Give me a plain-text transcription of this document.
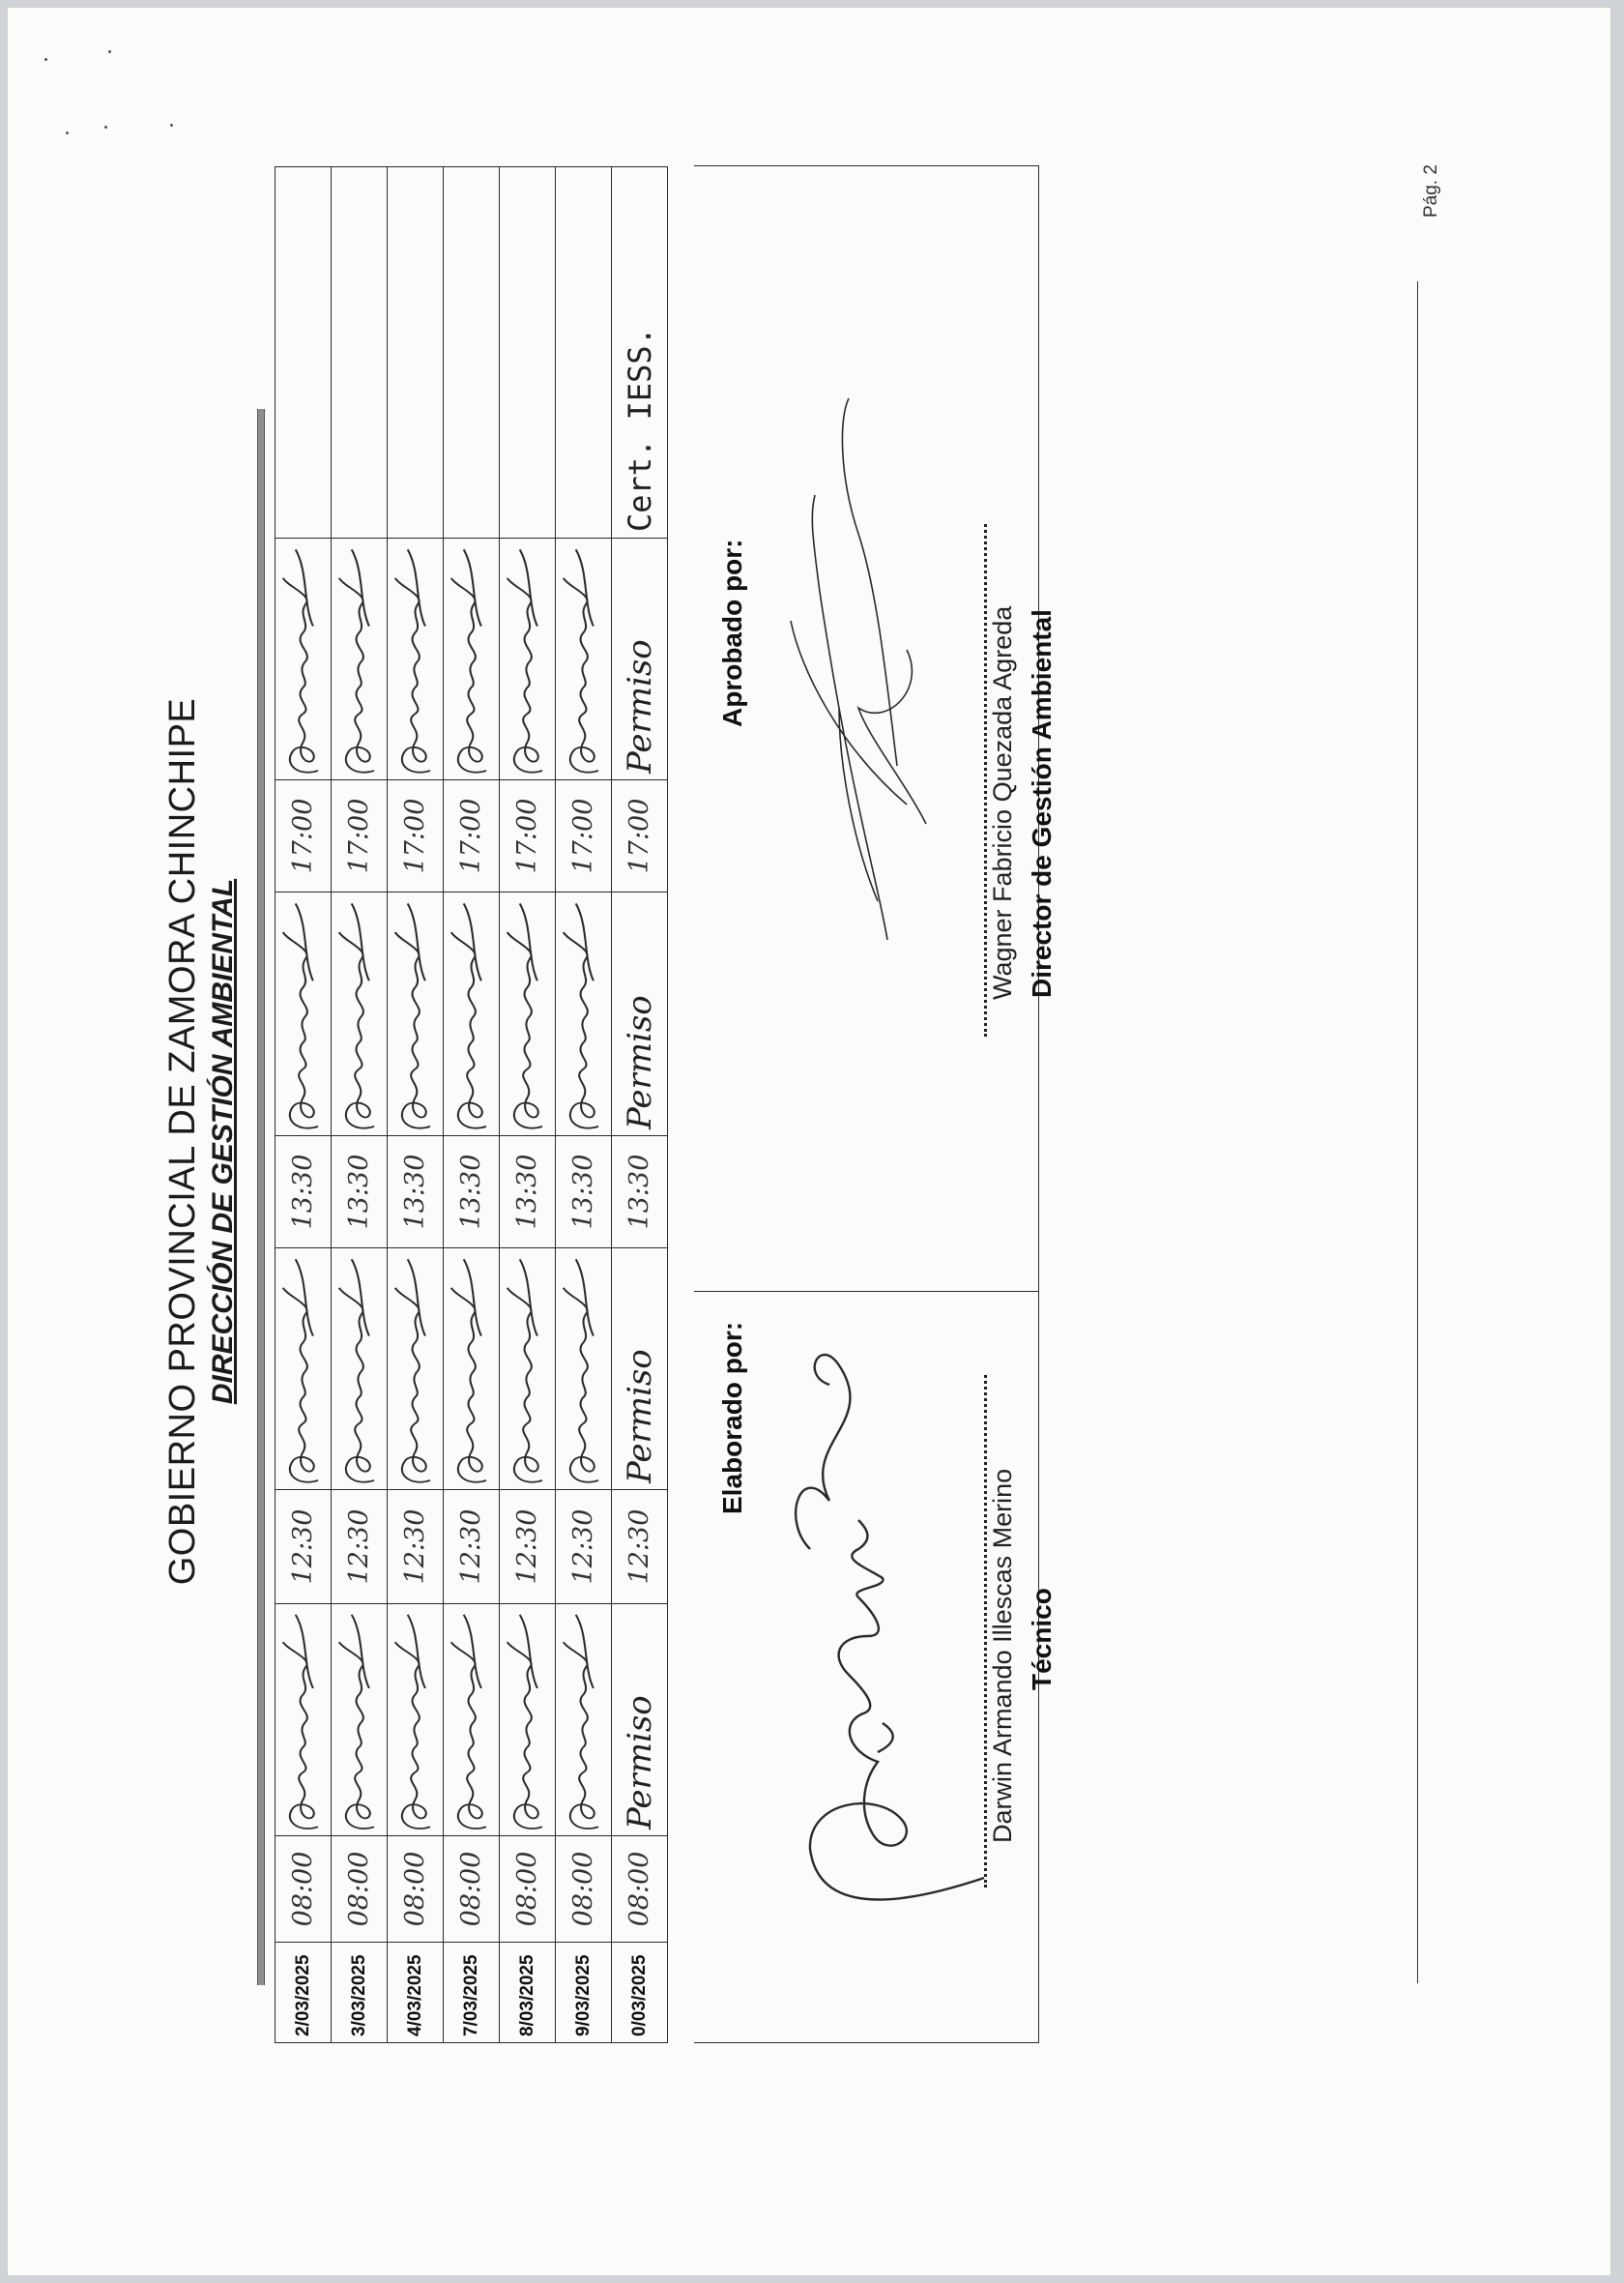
GOBIERNO PROVINCIAL DE ZAMORA CHINCHIPE DIRECCIÓN DE GESTIÓN AMBIENTAL
2/03/2025	08:00		12:30		13:30		17:00	

3/03/2025	08:00		12:30		13:30		17:00	

4/03/2025	08:00		12:30		13:30		17:00	

7/03/2025	08:00		12:30		13:30		17:00	

8/03/2025	08:00		12:30		13:30		17:00	

9/03/2025	08:00		12:30		13:30		17:00	

0/03/2025	08:00	Permiso	12:30	Permiso	13:30	Permiso	17:00	Permiso	Cert. IESS.
Elaborado por:
Darwin Armando Illescas Merino Técnico
Aprobado por:	Wagner Fabricio Quezada Agreda Director de Gestión Ambiental
Pág. 2
